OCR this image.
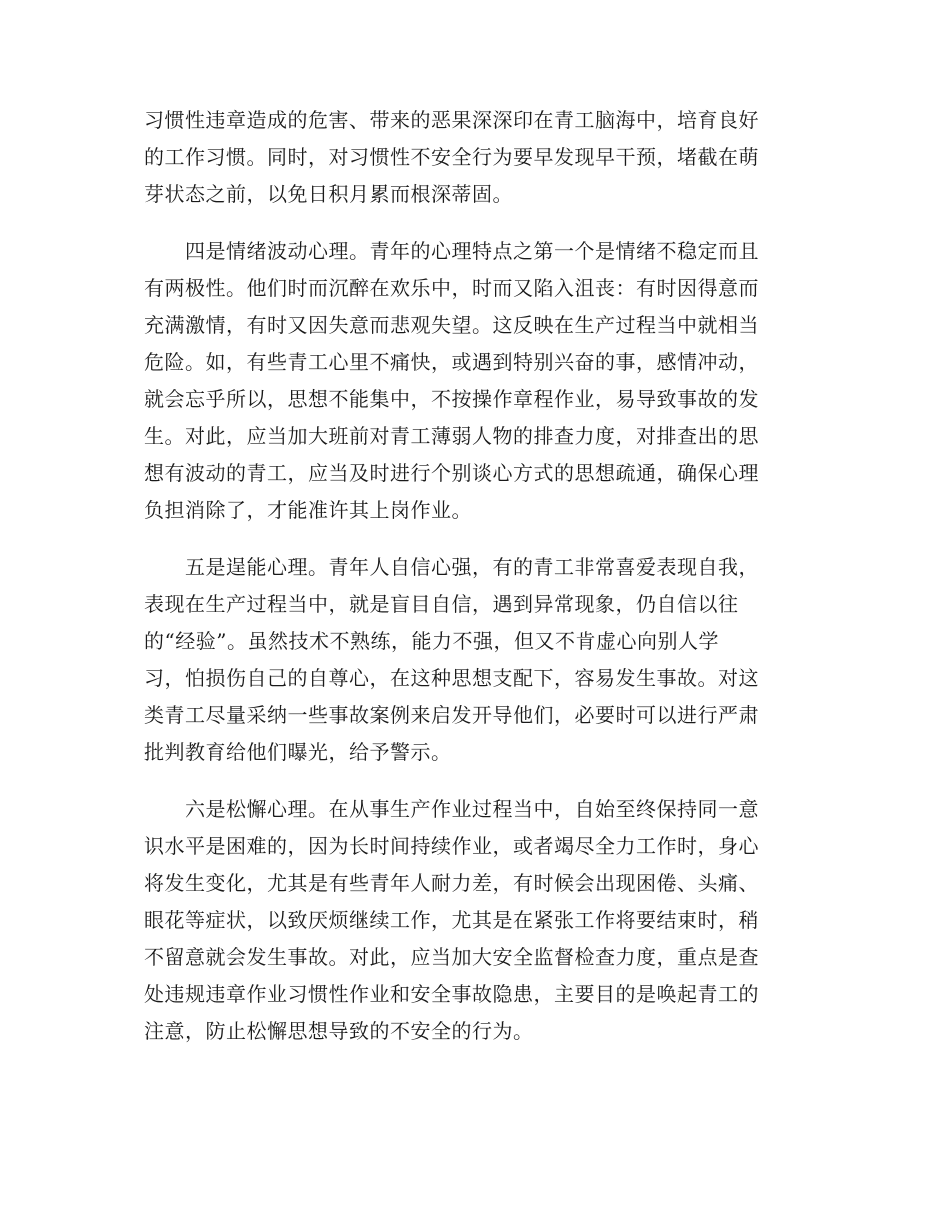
习惯性违章造成的危害、带来的恶果深深印在青工脑海中，培育良好
的工作习惯。同时，对习惯性不安全行为要早发现早干预，堵截在萌
芽状态之前，以免日积月累而根深蒂固。
四是情绪波动心理。青年的心理特点之第一个是情绪不稳定而且
有两极性。他们时而沉醉在欢乐中，时而又陷入沮丧：有时因得意而
充满激情，有时又因失意而悲观失望。这反映在生产过程当中就相当
危险。如，有些青工心里不痛快，或遇到特别兴奋的事，感情冲动，
就会忘乎所以，思想不能集中，不按操作章程作业，易导致事故的发
生。对此，应当加大班前对青工薄弱人物的排查力度，对排查出的思
想有波动的青工，应当及时进行个别谈心方式的思想疏通，确保心理
负担消除了，才能准许其上岗作业。
五是逞能心理。青年人自信心强，有的青工非常喜爱表现自我，
表现在生产过程当中，就是盲目自信，遇到异常现象，仍自信以往
的“经验”。虽然技术不熟练，能力不强，但又不肯虚心向别人学
习，怕损伤自己的自尊心，在这种思想支配下，容易发生事故。对这
类青工尽量采纳一些事故案例来启发开导他们，必要时可以进行严肃
批判教育给他们曝光，给予警示。
六是松懈心理。在从事生产作业过程当中，自始至终保持同一意
识水平是困难的，因为长时间持续作业，或者竭尽全力工作时，身心
将发生变化，尤其是有些青年人耐力差，有时候会出现困倦、头痛、
眼花等症状，以致厌烦继续工作，尤其是在紧张工作将要结束时，稍
不留意就会发生事故。对此，应当加大安全监督检查力度，重点是查
处违规违章作业习惯性作业和安全事故隐患，主要目的是唤起青工的
注意，防止松懈思想导致的不安全的行为。
